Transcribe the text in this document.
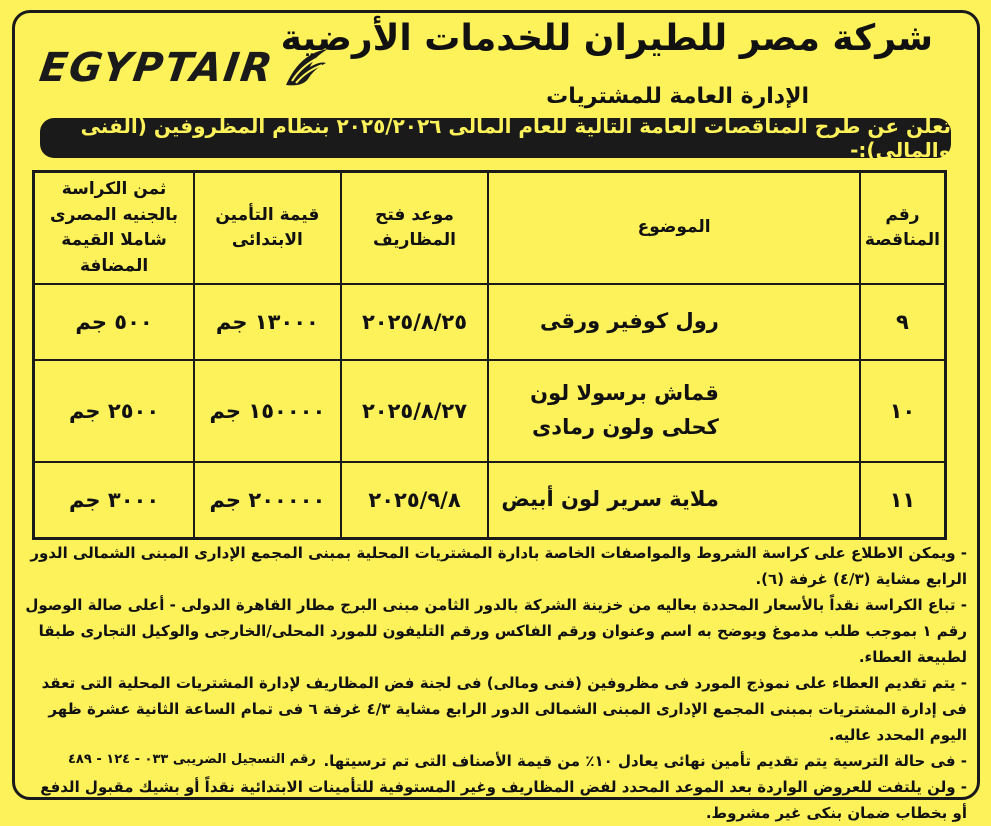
EGYPTAIR
شركة مصر للطيران للخدمات الأرضية
الإدارة العامة للمشتريات
تعلن عن طرح المناقصات العامة التالية للعام المالى ٢٠٢٥/٢٠٢٦ بنظام المظروفين (الفنى والمالى):-
رقم المناقصة	الموضوع	موعد فتح المظاريف	قيمة التأمين الابتدائى	ثمن الكراسة بالجنيه المصرى شاملا القيمة المضافة
٩	رول كوفير ورقى	٢٠٢٥/٨/٢٥	١٣٠٠٠ جم	٥٠٠ جم
١٠	قماش برسولا لون كحلى ولون رمادى	٢٠٢٥/٨/٢٧	١٥٠٠٠٠ جم	٢٥٠٠ جم
١١	ملاية سرير لون أبيض	٢٠٢٥/٩/٨	٢٠٠٠٠٠ جم	٣٠٠٠ جم

- ويمكن الاطلاع على كراسة الشروط والمواصفات الخاصة بادارة المشتريات المحلية بمبنى المجمع الإدارى المبنى الشمالى الدور الرابع مشاية (٤/٣) غرفة (٦).

- تباع الكراسة نقداً بالأسعار المحددة بعاليه من خزينة الشركة بالدور الثامن مبنى البرج مطار القاهرة الدولى - أعلى صالة الوصول رقم ١ بموجب طلب مدموغ ويوضح به اسم وعنوان ورقم الفاكس ورقم التليفون للمورد المحلى/الخارجى والوكيل التجارى طبقا لطبيعة العطاء.

- يتم تقديم العطاء على نموذج المورد فى مظروفين (فنى ومالى) فى لجنة فض المظاريف لإدارة المشتريات المحلية التى تعقد فى إدارة المشتريات بمبنى المجمع الإدارى المبنى الشمالى الدور الرابع مشاية ٤/٣ غرفة ٦ فى تمام الساعة الثانية عشرة ظهر اليوم المحدد عاليه.

- فى حالة الترسية يتم تقديم تأمين نهائى يعادل ١٠٪ من قيمة الأصناف التى تم ترسيتها.

- ولن يلتفت للعروض الواردة بعد الموعد المحدد لفض المظاريف وغير المستوفية للتأمينات الابتدائية نقداً أو بشيك مقبول الدفع أو بخطاب ضمان بنكى غير مشروط.

رقم التسجيل الضريبى ٠٣٣ - ١٢٤ - ٤٨٩
